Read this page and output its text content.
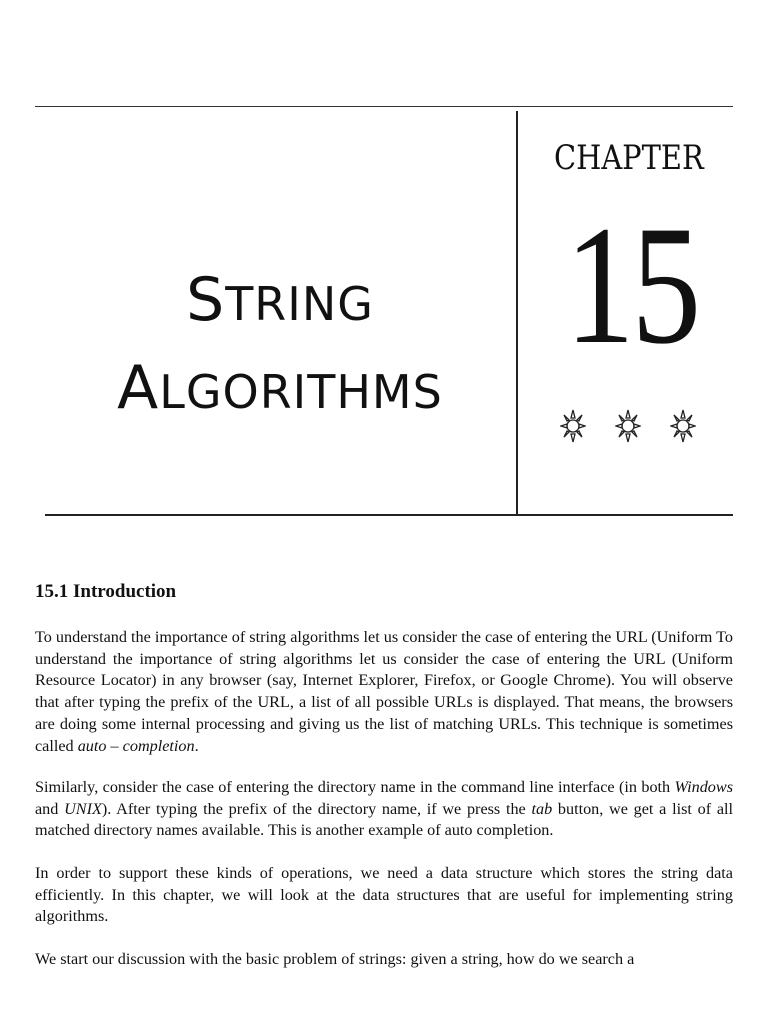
STRING
ALGORITHMS
CHAPTER
15
15.1 Introduction

To understand the importance of string algorithms let us consider the case of entering the URL (Uniform To understand the importance of string algorithms let us consider the case of entering the URL (Uniform Resource Locator) in any browser (say, Internet Explorer, Firefox, or Google Chrome). You will observe that after typing the prefix of the URL, a list of all possible URLs is displayed. That means, the browsers are doing some internal processing and giving us the list of matching URLs. This technique is sometimes called auto – completion.

Similarly, consider the case of entering the directory name in the command line interface (in both Windows and UNIX). After typing the prefix of the directory name, if we press the tab button, we get a list of all matched directory names available. This is another example of auto completion.

In order to support these kinds of operations, we need a data structure which stores the string data efficiently. In this chapter, we will look at the data structures that are useful for implementing string algorithms.

We start our discussion with the basic problem of strings: given a string, how do we search a
